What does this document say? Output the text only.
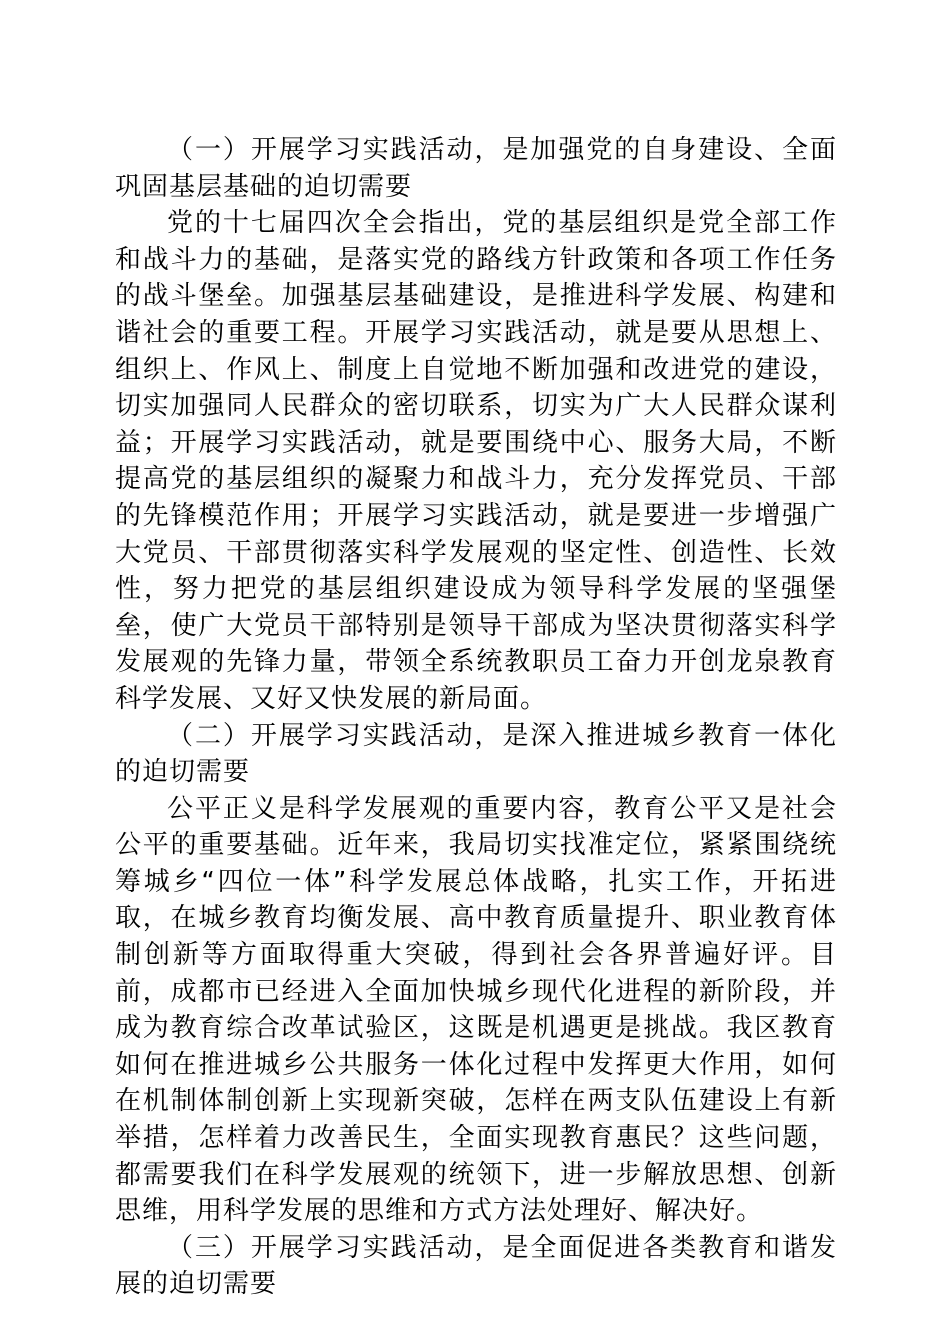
（一）开展学习实践活动，是加强党的自身建设、全面巩固基层基础的迫切需要

党的十七届四次全会指出，党的基层组织是党全部工作和战斗力的基础，是落实党的路线方针政策和各项工作任务的战斗堡垒。加强基层基础建设，是推进科学发展、构建和谐社会的重要工程。开展学习实践活动，就是要从思想上、组织上、作风上、制度上自觉地不断加强和改进党的建设，切实加强同人民群众的密切联系，切实为广大人民群众谋利益；开展学习实践活动，就是要围绕中心、服务大局，不断提高党的基层组织的凝聚力和战斗力，充分发挥党员、干部的先锋模范作用；开展学习实践活动，就是要进一步增强广大党员、干部贯彻落实科学发展观的坚定性、创造性、长效性，努力把党的基层组织建设成为领导科学发展的坚强堡垒，使广大党员干部特别是领导干部成为坚决贯彻落实科学发展观的先锋力量，带领全系统教职员工奋力开创龙泉教育科学发展、又好又快发展的新局面。

（二）开展学习实践活动，是深入推进城乡教育一体化的迫切需要

公平正义是科学发展观的重要内容，教育公平又是社会公平的重要基础。近年来，我局切实找准定位，紧紧围绕统筹城乡“四位一体”科学发展总体战略，扎实工作，开拓进取，在城乡教育均衡发展、高中教育质量提升、职业教育体制创新等方面取得重大突破，得到社会各界普遍好评。目前，成都市已经进入全面加快城乡现代化进程的新阶段，并成为教育综合改革试验区，这既是机遇更是挑战。我区教育如何在推进城乡公共服务一体化过程中发挥更大作用，如何在机制体制创新上实现新突破，怎样在两支队伍建设上有新举措，怎样着力改善民生，全面实现教育惠民？这些问题，都需要我们在科学发展观的统领下，进一步解放思想、创新思维，用科学发展的思维和方式方法处理好、解决好。

（三）开展学习实践活动，是全面促进各类教育和谐发展的迫切需要
